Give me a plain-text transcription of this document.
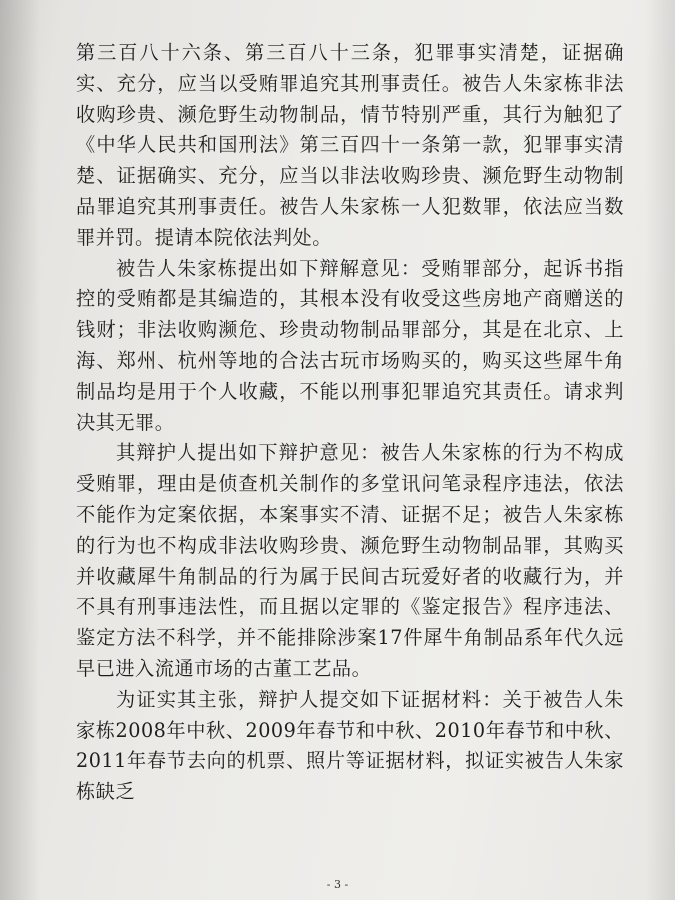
第三百八十六条、第三百八十三条，犯罪事实清楚，证据确实、充分，应当以受贿罪追究其刑事责任。被告人朱家栋非法收购珍贵、濒危野生动物制品，情节特别严重，其行为触犯了《中华人民共和国刑法》第三百四十一条第一款，犯罪事实清楚、证据确实、充分，应当以非法收购珍贵、濒危野生动物制品罪追究其刑事责任。被告人朱家栋一人犯数罪，依法应当数罪并罚。提请本院依法判处。

被告人朱家栋提出如下辩解意见：受贿罪部分，起诉书指控的受贿都是其编造的，其根本没有收受这些房地产商赠送的钱财；非法收购濒危、珍贵动物制品罪部分，其是在北京、上海、郑州、杭州等地的合法古玩市场购买的，购买这些犀牛角制品均是用于个人收藏，不能以刑事犯罪追究其责任。请求判决其无罪。

其辩护人提出如下辩护意见：被告人朱家栋的行为不构成受贿罪，理由是侦查机关制作的多堂讯问笔录程序违法，依法不能作为定案依据，本案事实不清、证据不足；被告人朱家栋的行为也不构成非法收购珍贵、濒危野生动物制品罪，其购买并收藏犀牛角制品的行为属于民间古玩爱好者的收藏行为，并不具有刑事违法性，而且据以定罪的《鉴定报告》程序违法、鉴定方法不科学，并不能排除涉案17件犀牛角制品系年代久远早已进入流通市场的古董工艺品。

为证实其主张，辩护人提交如下证据材料：关于被告人朱家栋2008年中秋、2009年春节和中秋、2010年春节和中秋、2011年春节去向的机票、照片等证据材料，拟证实被告人朱家栋缺乏

- 3 -
